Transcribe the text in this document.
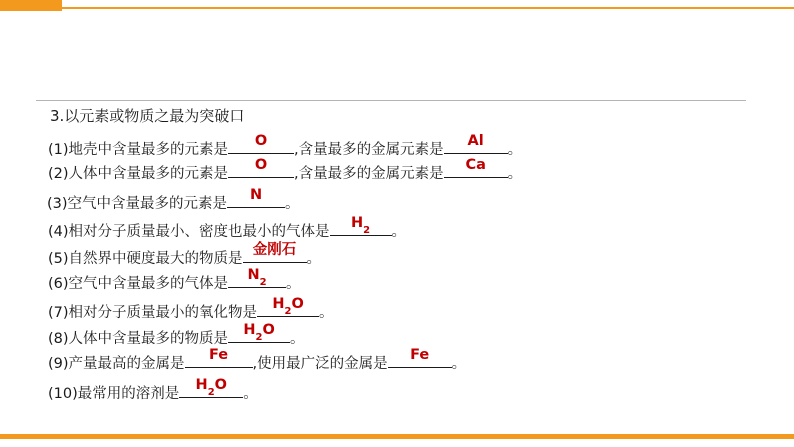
3.以元素或物质之最为突破口
(1)地壳中含量最多的元素是
O
,含量最多的金属元素是
Al
。
(2)人体中含量最多的元素是
O
,含量最多的金属元素是
Ca
。
(3)空气中含量最多的元素是
N
。
(4)相对分子质量最小、密度也最小的气体是
$H_2$	。
(5)自然界中硬度最大的物质是
金刚石
。
(6)空气中含量最多的气体是
$N_2$	。
(7)相对分子质量最小的氧化物是
$H_2O$
。
(8)人体中含量最多的物质是
$H_2O$
。
(9)产量最高的金属是
Fe
,使用最广泛的金属是
Fe
。
(10)最常用的溶剂是
$H_2O$
。
